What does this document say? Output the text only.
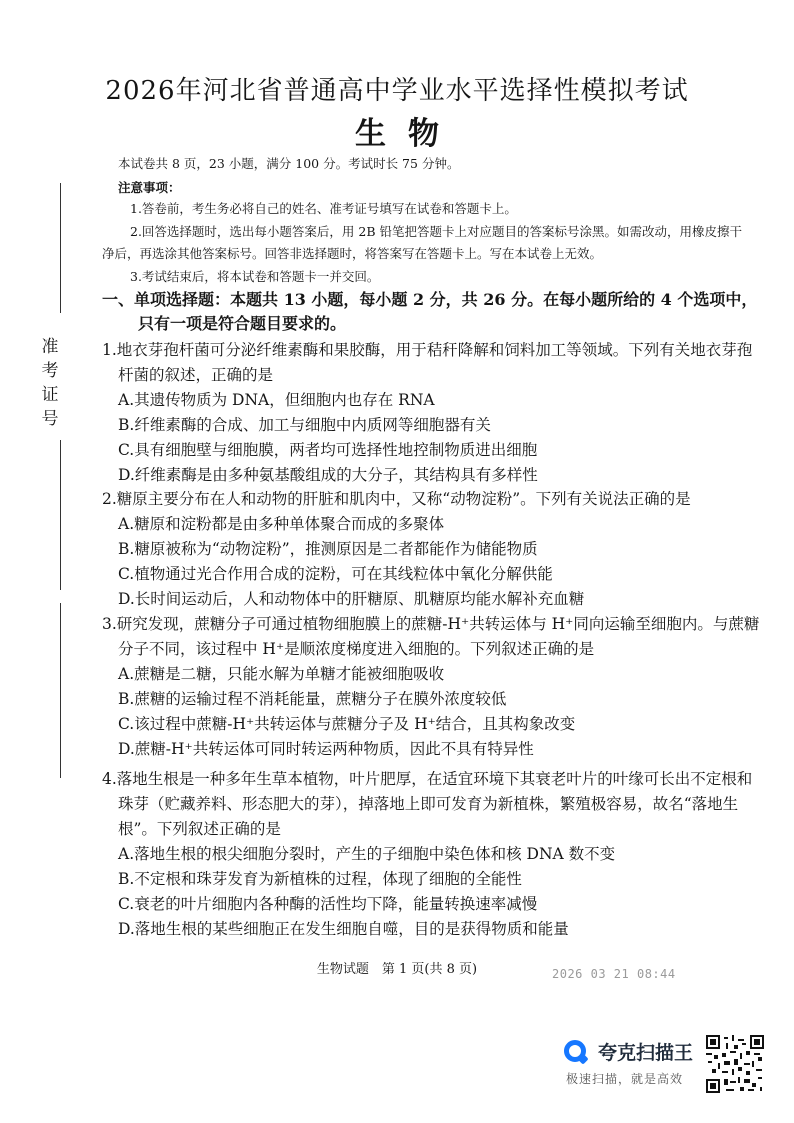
2026年河北省普通高中学业水平选择性模拟考试
生物
本试卷共 8 页，23 小题，满分 100 分。考试时长 75 分钟。
注意事项：

1.答卷前，考生务必将自己的姓名、准考证号填写在试卷和答题卡上。

2.回答选择题时，选出每小题答案后，用 2B 铅笔把答题卡上对应题目的答案标号涂黑。如需改动，用橡皮擦干净后，再选涂其他答案标号。回答非选择题时，将答案写在答题卡上。写在本试卷上无效。

3.考试结束后，将本试卷和答题卡一并交回。

一、单项选择题：本题共 13 小题，每小题 2 分，共 26 分。在每小题所给的 4 个选项中，
只有一项是符合题目要求的。
准
考
证
号
1.地衣芽孢杆菌可分泌纤维素酶和果胶酶，用于秸秆降解和饲料加工等领域。下列有关地衣芽孢杆菌的叙述，正确的是
A.其遗传物质为 DNA，但细胞内也存在 RNA
B.纤维素酶的合成、加工与细胞中内质网等细胞器有关
C.具有细胞壁与细胞膜，两者均可选择性地控制物质进出细胞
D.纤维素酶是由多种氨基酸组成的大分子，其结构具有多样性
2.糖原主要分布在人和动物的肝脏和肌肉中，又称“动物淀粉”。下列有关说法正确的是
A.糖原和淀粉都是由多种单体聚合而成的多聚体
B.糖原被称为“动物淀粉”，推测原因是二者都能作为储能物质
C.植物通过光合作用合成的淀粉，可在其线粒体中氧化分解供能
D.长时间运动后，人和动物体中的肝糖原、肌糖原均能水解补充血糖
3.研究发现，蔗糖分子可通过植物细胞膜上的蔗糖-H⁺共转运体与 H⁺同向运输至细胞内。与蔗糖分子不同，该过程中 H⁺是顺浓度梯度进入细胞的。下列叙述正确的是
A.蔗糖是二糖，只能水解为单糖才能被细胞吸收
B.蔗糖的运输过程不消耗能量，蔗糖分子在膜外浓度较低
C.该过程中蔗糖-H⁺共转运体与蔗糖分子及 H⁺结合，且其构象改变
D.蔗糖-H⁺共转运体可同时转运两种物质，因此不具有特异性
4.落地生根是一种多年生草本植物，叶片肥厚，在适宜环境下其衰老叶片的叶缘可长出不定根和珠芽（贮藏养料、形态肥大的芽），掉落地上即可发育为新植株，繁殖极容易，故名“落地生根”。下列叙述正确的是
A.落地生根的根尖细胞分裂时，产生的子细胞中染色体和核 DNA 数不变
B.不定根和珠芽发育为新植株的过程，体现了细胞的全能性
C.衰老的叶片细胞内各种酶的活性均下降，能量转换速率减慢
D.落地生根的某些细胞正在发生细胞自噬，目的是获得物质和能量
生物试题　第 1 页(共 8 页)	2026 03 21 08:44
夸克扫描王
极速扫描，就是高效
